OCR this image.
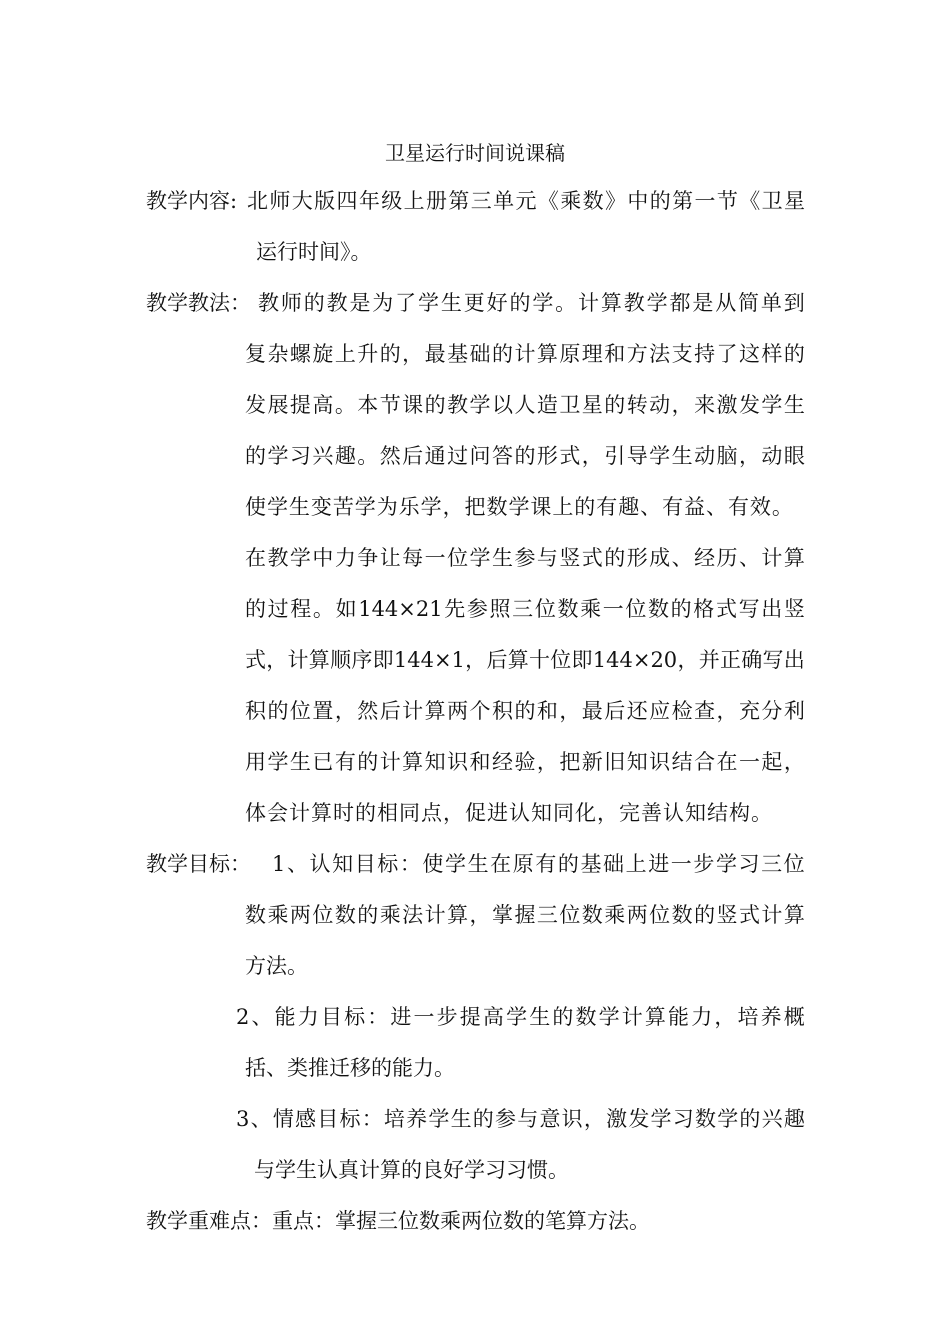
卫星运行时间说课稿
教学内容: 北 师 大 版 四 年 级 上 册 第 三 单 元 《 乘 数 》 中 的 第 一 节 《 卫 星
运行时间》。
教学教法： 教 师 的 教 是 为 了 学 生 更 好 的 学 。 计 算 教 学 都 是 从 简 单 到
复 杂 螺 旋 上 升 的 ， 最 基 础 的 计 算 原 理 和 方 法 支 持 了 这 样 的
发 展 提 高 。 本 节 课 的 教 学 以 人 造 卫 星 的 转 动 ， 来 激 发 学 生
的 学 习 兴 趣 。 然 后 通 过 问 答 的 形 式 ， 引 导 学 生 动 脑 ， 动 眼
使 学 生 变 苦 学 为 乐 学 ， 把 数 学 课 上 的 有 趣 、 有 益 、 有 效 。
在 教 学 中 力 争 让 每 一 位 学 生 参 与 竖 式 的 形 成 、 经 历 、 计 算
的 过 程 。 如 144×21 先 参 照 三 位 数 乘 一 位 数 的 格 式 写 出 竖
式 ， 计 算 顺 序 即 144×1 ， 后 算 十 位 即 144×20 ， 并 正 确 写 出
积 的 位 置 ， 然 后 计 算 两 个 积 的 和 ， 最 后 还 应 检 查 ， 充 分 利
用 学 生 已 有 的 计 算 知 识 和 经 验 ， 把 新 旧 知 识 结 合 在 一 起 ，
体 会 计 算 时 的 相 同 点 ， 促 进 认 知 同 化 ， 完 善 认 知 结 构 。
教学目标： 1 、 认 知 目 标 ： 使 学 生 在 原 有 的 基 础 上 进 一 步 学 习 三 位
数 乘 两 位 数 的 乘 法 计 算 ， 掌 握 三 位 数 乘 两 位 数 的 竖 式 计 算
方法。
2 、 能 力 目 标 ： 进 一 步 提 高 学 生 的 数 学 计 算 能 力 ， 培 养 概
括、类推迁移的能力。
3 、 情 感 目 标 ： 培 养 学 生 的 参 与 意 识 ， 激 发 学 习 数 学 的 兴 趣
与学生认真计算的良好学习习惯。
教学重难点： 重点：掌握三位数乘两位数的笔算方法。
